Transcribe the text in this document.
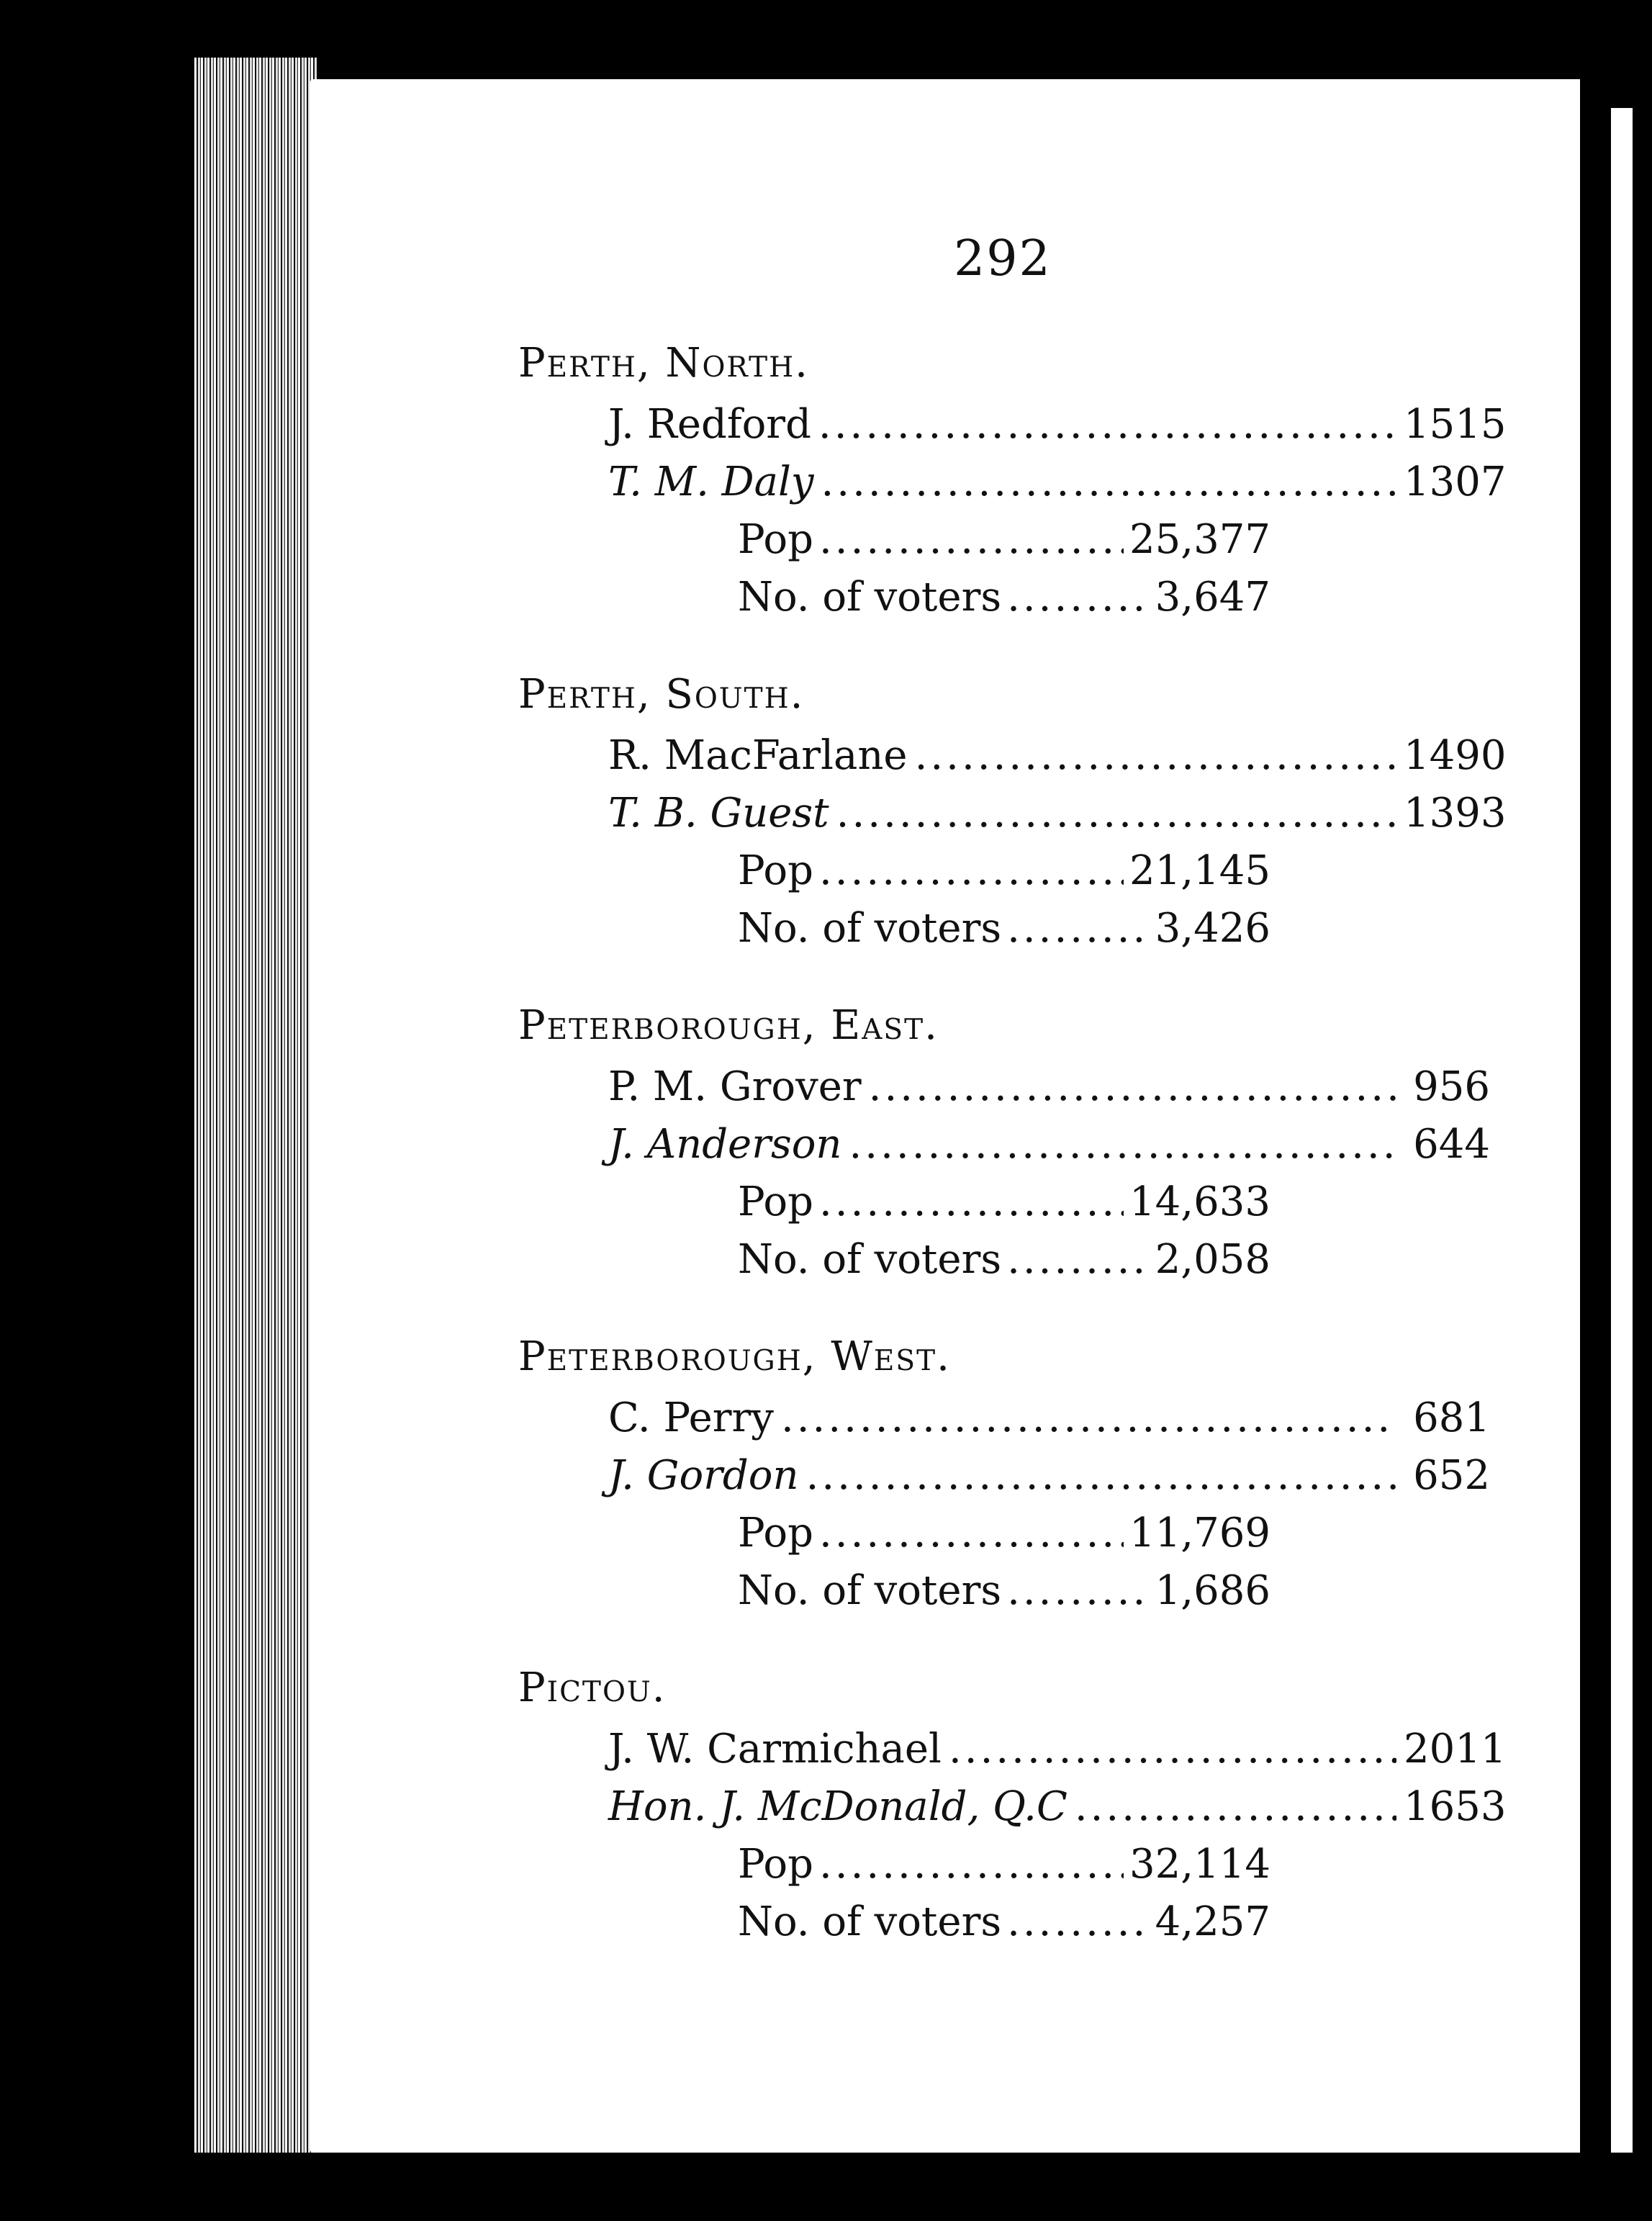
292
Perth, North.
J. Redford .....	1515
T. M. Daly .....	1307
Pop .....	25,377
No. of voters .....	3,647
Perth, South.
R. MacFarlane .....	1490
T. B. Guest .....	1393
Pop .....	21,145
No. of voters .....	3,426
Peterborough, East.
P. M. Grover .....	956
J. Anderson .....	644
Pop .....	14,633
No. of voters .....	2,058
Peterborough, West.
C. Perry .....	681
J. Gordon .....	652
Pop .....	11,769
No. of voters .....	1,686
Pictou.
J. W. Carmichael .....	2011
Hon. J. McDonald, Q.C .....	1653
Pop .....	32,114
No. of voters .....	4,257
